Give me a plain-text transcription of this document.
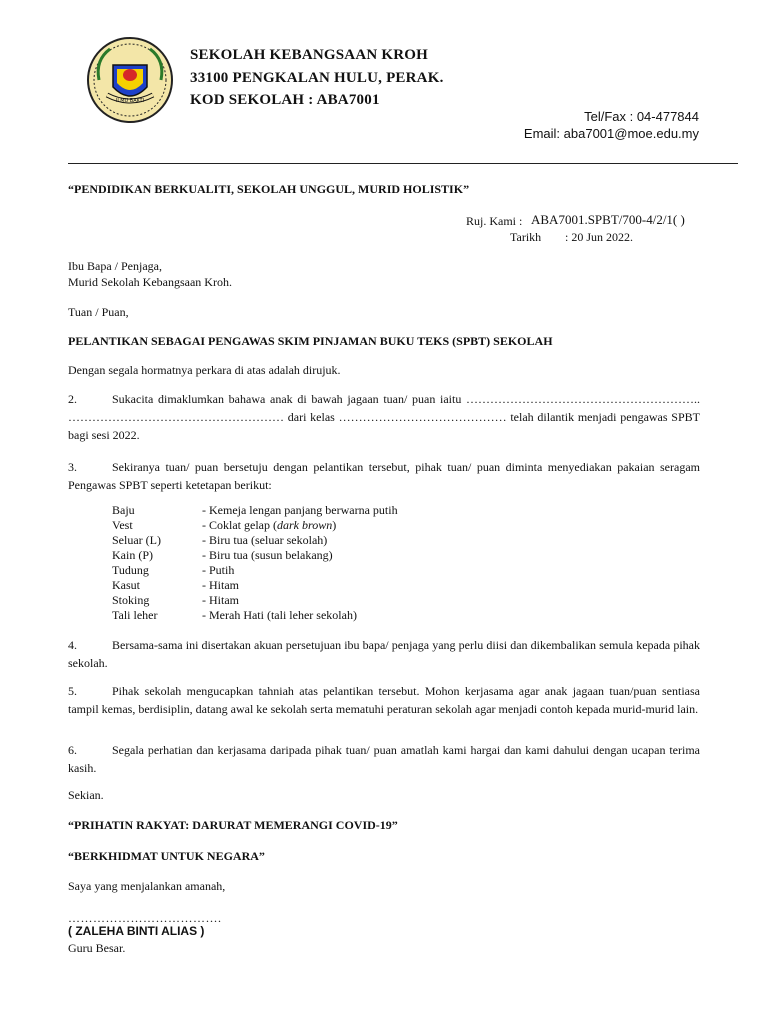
ILMU BAKTI
SEKOLAH KEBANGSAAN KROH
33100 PENGKALAN HULU, PERAK.
KOD SEKOLAH : ABA7001
Tel/Fax : 04-477844
Email: aba7001@moe.edu.my
“PENDIDIKAN BERKUALITI, SEKOLAH UNGGUL, MURID HOLISTIK”
Ruj. Kami : ABA7001.SPBT/700-4/2/1( )
Tarikh : 20 Jun 2022.
Ibu Bapa / Penjaga,
Murid Sekolah Kebangsaan Kroh.
Tuan / Puan,
PELANTIKAN SEBAGAI PENGAWAS SKIM PINJAMAN BUKU TEKS (SPBT) SEKOLAH
Dengan segala hormatnya perkara di atas adalah dirujuk.
2.	Sukacita dimaklumkan bahawa anak di bawah jagaan tuan/ puan iaitu ………………………………………………….. ……………………………………………… dari kelas …………………………………… telah dilantik menjadi pengawas SPBT bagi sesi 2022.
3.	Sekiranya tuan/ puan bersetuju dengan pelantikan tersebut, pihak tuan/ puan diminta menyediakan pakaian seragam Pengawas SPBT seperti ketetapan berikut:
Baju	- Kemeja lengan panjang berwarna putih
Vest	- Coklat gelap (dark brown)
Seluar (L)	- Biru tua (seluar sekolah)
Kain (P)	- Biru tua (susun belakang)
Tudung	- Putih
Kasut	- Hitam
Stoking	- Hitam
Tali leher	- Merah Hati (tali leher sekolah)
4.	Bersama-sama ini disertakan akuan persetujuan ibu bapa/ penjaga yang perlu diisi dan dikembalikan semula kepada pihak sekolah.
5.	Pihak sekolah mengucapkan tahniah atas pelantikan tersebut. Mohon kerjasama agar anak jagaan tuan/puan sentiasa tampil kemas, berdisiplin, datang awal ke sekolah serta mematuhi peraturan sekolah agar menjadi contoh kepada murid-murid lain.
6.	Segala perhatian dan kerjasama daripada pihak tuan/ puan amatlah kami hargai dan kami dahului dengan ucapan terima kasih.
Sekian.
“PRIHATIN RAKYAT: DARURAT MEMERANGI COVID-19”
“BERKHIDMAT UNTUK NEGARA”
Saya yang menjalankan amanah,
……………………………….
( ZALEHA BINTI ALIAS )
Guru Besar.
